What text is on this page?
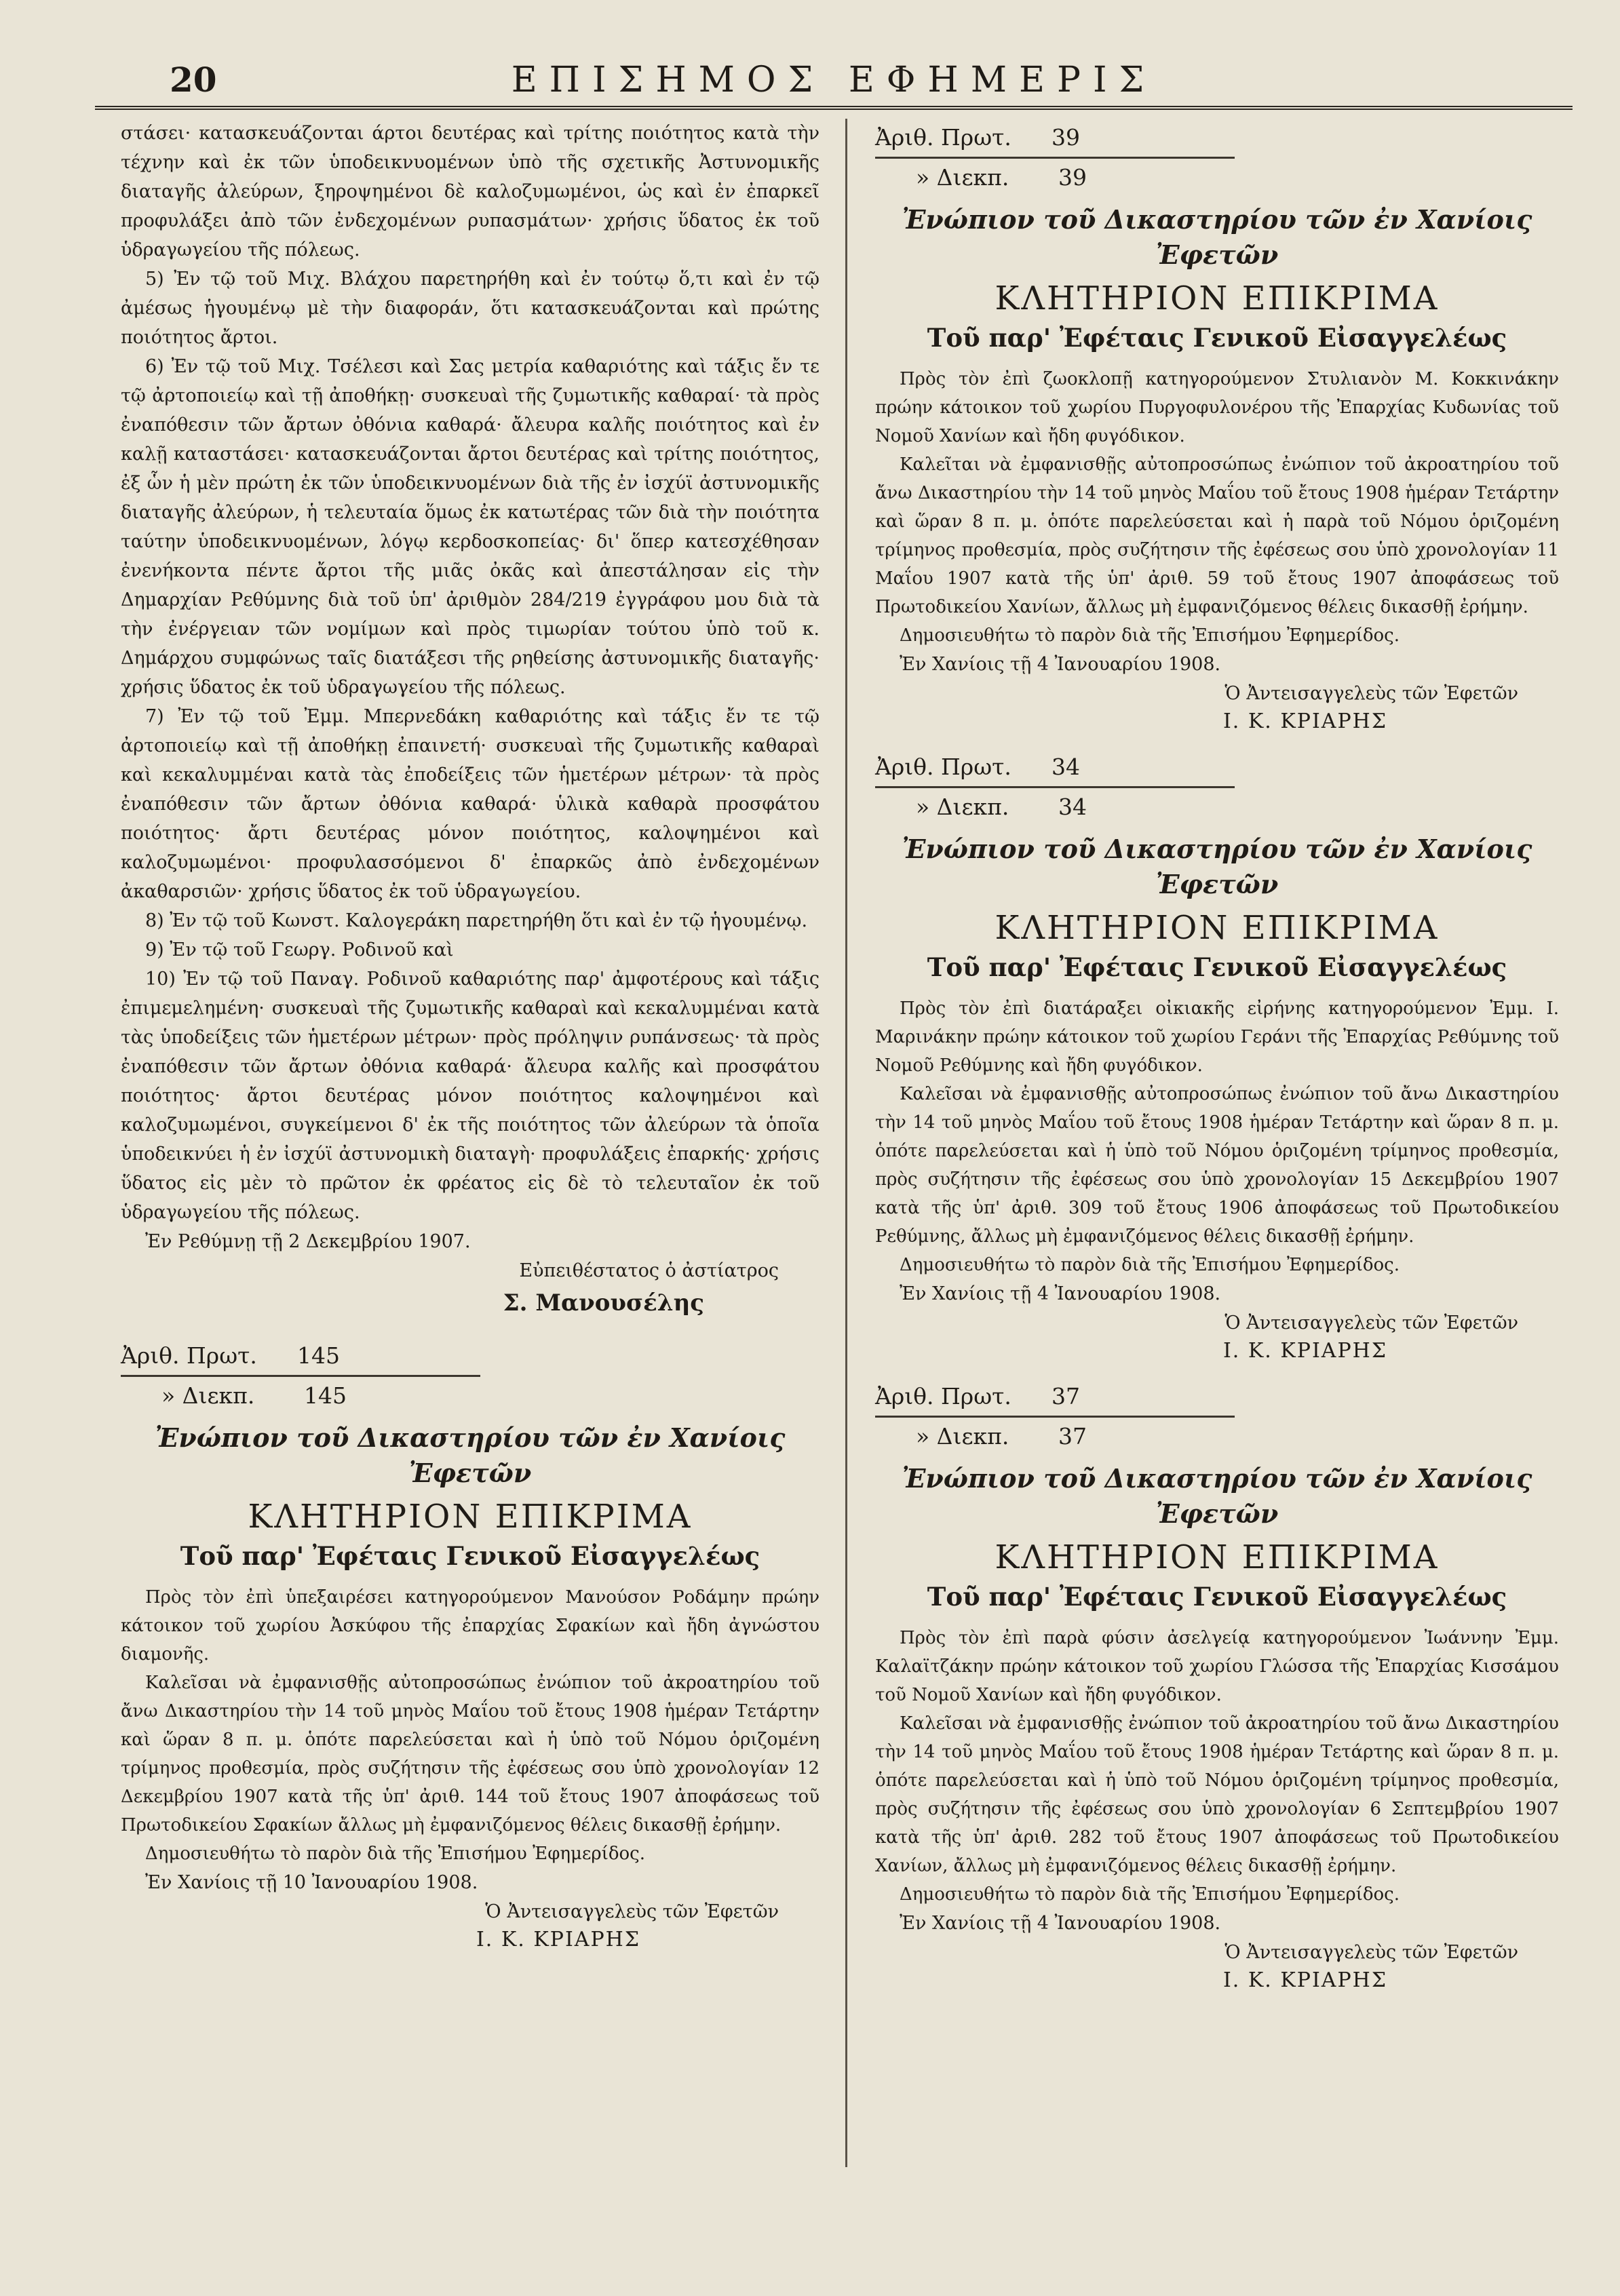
20	ΕΠΙΣΗΜΟΣ ΕΦΗΜΕΡΙΣ

στάσει· κατασκευάζονται άρτοι δευτέρας καὶ τρίτης ποιότητος κατὰ τὴν τέχνην καὶ ἐκ τῶν ὑποδεικνυομένων ὑπὸ τῆς σχετικῆς Ἀστυνομικῆς διαταγῆς ἀλεύρων, ξηροψημένοι δὲ καλοζυμωμένοι, ὡς καὶ ἐν ἐπαρκεῖ προφυλάξει ἀπὸ τῶν ἐνδεχομένων ρυπασμάτων· χρήσις ὕδατος ἐκ τοῦ ὑδραγωγείου τῆς πόλεως.

5) Ἐν τῷ τοῦ Μιχ. Βλάχου παρετηρήθη καὶ ἐν τούτῳ ὅ,τι καὶ ἐν τῷ ἀμέσως ἡγουμένῳ μὲ τὴν διαφοράν, ὅτι κατασκευάζονται καὶ πρώτης ποιότητος ἄρτοι.

6) Ἐν τῷ τοῦ Μιχ. Τσέλεσι καὶ Σας μετρία καθαριότης καὶ τάξις ἔν τε τῷ ἀρτοποιείῳ καὶ τῇ ἀποθήκῃ· συσκευαὶ τῆς ζυμωτικῆς καθαραί· τὰ πρὸς ἐναπόθεσιν τῶν ἄρτων ὀθόνια καθαρά· ἄλευρα καλῆς ποιότητος καὶ ἐν καλῇ καταστάσει· κατασκευάζονται ἄρτοι δευτέρας καὶ τρίτης ποιότητος, ἐξ ὧν ἡ μὲν πρώτη ἐκ τῶν ὑποδεικνυομένων διὰ τῆς ἐν ἰσχύϊ ἀστυνομικῆς διαταγῆς ἀλεύρων, ἡ τελευταία ὅμως ἐκ κατωτέρας τῶν διὰ τὴν ποιότητα ταύτην ὑποδεικνυομένων, λόγῳ κερδοσκοπείας· δι' ὅπερ κατεσχέθησαν ἐνενήκοντα πέντε ἄρτοι τῆς μιᾶς ὀκᾶς καὶ ἀπεστάλησαν εἰς τὴν Δημαρχίαν Ρεθύμνης διὰ τοῦ ὑπ' ἀριθμὸν 284/219 ἐγγράφου μου διὰ τὰ τὴν ἐνέργειαν τῶν νομίμων καὶ πρὸς τιμωρίαν τούτου ὑπὸ τοῦ κ. Δημάρχου συμφώνως ταῖς διατάξεσι τῆς ρηθείσης ἀστυνομικῆς διαταγῆς· χρήσις ὕδατος ἐκ τοῦ ὑδραγωγείου τῆς πόλεως.

7) Ἐν τῷ τοῦ Ἐμμ. Μπερνεδάκη καθαριότης καὶ τάξις ἔν τε τῷ ἀρτοποιείῳ καὶ τῇ ἀποθήκῃ ἐπαινετή· συσκευαὶ τῆς ζυμωτικῆς καθαραὶ καὶ κεκαλυμμέναι κατὰ τὰς ἐποδείξεις τῶν ἡμετέρων μέτρων· τὰ πρὸς ἐναπόθεσιν τῶν ἄρτων ὀθόνια καθαρά· ὑλικὰ καθαρὰ προσφάτου ποιότητος· ἄρτι δευτέρας μόνον ποιότητος, καλοψημένοι καὶ καλοζυμωμένοι· προφυλασσόμενοι δ' ἐπαρκῶς ἀπὸ ἐνδεχομένων ἀκαθαρσιῶν· χρήσις ὕδατος ἐκ τοῦ ὑδραγωγείου.

8) Ἐν τῷ τοῦ Κωνστ. Καλογεράκη παρετηρήθη ὅτι καὶ ἐν τῷ ἡγουμένῳ.

9) Ἐν τῷ τοῦ Γεωργ. Ροδινοῦ καὶ

10) Ἐν τῷ τοῦ Παναγ. Ροδινοῦ καθαριότης παρ' ἀμφοτέρους καὶ τάξις ἐπιμεμελημένη· συσκευαὶ τῆς ζυμωτικῆς καθαραὶ καὶ κεκαλυμμέναι κατὰ τὰς ὑποδείξεις τῶν ἡμετέρων μέτρων· πρὸς πρόληψιν ρυπάνσεως· τὰ πρὸς ἐναπόθεσιν τῶν ἄρτων ὀθόνια καθαρά· ἄλευρα καλῆς καὶ προσφάτου ποιότητος· ἄρτοι δευτέρας μόνον ποιότητος καλοψημένοι καὶ καλοζυμωμένοι, συγκείμενοι δ' ἐκ τῆς ποιότητος τῶν ἀλεύρων τὰ ὁποῖα ὑποδεικνύει ἡ ἐν ἰσχύϊ ἀστυνομικὴ διαταγὴ· προφυλάξεις ἐπαρκής· χρήσις ὕδατος εἰς μὲν τὸ πρῶτον ἐκ φρέατος εἰς δὲ τὸ τελευταῖον ἐκ τοῦ ὑδραγωγείου τῆς πόλεως.

Ἐν Ρεθύμνῃ τῇ 2 Δεκεμβρίου 1907.

Εὐπειθέστατος ὁ ἀστίατρος

Σ. Μανουσέλης

Ἀριθ. Πρωτ. 145
» Διεκπ. 145
Ἐνώπιον τοῦ Δικαστηρίου τῶν ἐν Χανίοις
Ἐφετῶν
ΚΛΗΤΗΡΙΟΝ ΕΠΙΚΡΙΜΑ
Τοῦ παρ' Ἐφέταις Γενικοῦ Εἰσαγγελέως

Πρὸς τὸν ἐπὶ ὑπεξαιρέσει κατηγορούμενον Μανούσον Ροδάμην πρώην κάτοικον τοῦ χωρίου Ἀσκύφου τῆς ἐπαρχίας Σφακίων καὶ ἤδη ἀγνώστου διαμονῆς.

Καλεῖσαι νὰ ἐμφανισθῇς αὐτοπροσώπως ἐνώπιον τοῦ ἀκροατηρίου τοῦ ἄνω Δικαστηρίου τὴν 14 τοῦ μηνὸς Μαΐου τοῦ ἔτους 1908 ἡμέραν Τετάρτην καὶ ὥραν 8 π. μ. ὁπότε παρελεύσεται καὶ ἡ ὑπὸ τοῦ Νόμου ὁριζομένη τρίμηνος προθεσμία, πρὸς συζήτησιν τῆς ἐφέσεως σου ὑπὸ χρονολογίαν 12 Δεκεμβρίου 1907 κατὰ τῆς ὑπ' ἀριθ. 144 τοῦ ἔτους 1907 ἀποφάσεως τοῦ Πρωτοδικείου Σφακίων ἄλλως μὴ ἐμφανιζόμενος θέλεις δικασθῇ ἐρήμην.

Δημοσιευθήτω τὸ παρὸν διὰ τῆς Ἐπισήμου Ἐφημερίδος.

Ἐν Χανίοις τῇ 10 Ἰανουαρίου 1908.

Ὁ Ἀντεισαγγελεὺς τῶν Ἐφετῶν

Ι. Κ. ΚΡΙΑΡΗΣ

Ἀριθ. Πρωτ. 39
» Διεκπ. 39
Ἐνώπιον τοῦ Δικαστηρίου τῶν ἐν Χανίοις
Ἐφετῶν
ΚΛΗΤΗΡΙΟΝ ΕΠΙΚΡΙΜΑ
Τοῦ παρ' Ἐφέταις Γενικοῦ Εἰσαγγελέως

Πρὸς τὸν ἐπὶ ζωοκλοπῇ κατηγορούμενον Στυλιανὸν Μ. Κοκκινάκην πρώην κάτοικον τοῦ χωρίου Πυργοφυλονέρου τῆς Ἐπαρχίας Κυδωνίας τοῦ Νομοῦ Χανίων καὶ ἤδη φυγόδικον.

Καλεῖται νὰ ἐμφανισθῇς αὐτοπροσώπως ἐνώπιον τοῦ ἀκροατηρίου τοῦ ἄνω Δικαστηρίου τὴν 14 τοῦ μηνὸς Μαΐου τοῦ ἔτους 1908 ἡμέραν Τετάρτην καὶ ὥραν 8 π. μ. ὁπότε παρελεύσεται καὶ ἡ παρὰ τοῦ Νόμου ὁριζομένη τρίμηνος προθεσμία, πρὸς συζήτησιν τῆς ἐφέσεως σου ὑπὸ χρονολογίαν 11 Μαΐου 1907 κατὰ τῆς ὑπ' ἀριθ. 59 τοῦ ἔτους 1907 ἀποφάσεως τοῦ Πρωτοδικείου Χανίων, ἄλλως μὴ ἐμφανιζόμενος θέλεις δικασθῇ ἐρήμην.

Δημοσιευθήτω τὸ παρὸν διὰ τῆς Ἐπισήμου Ἐφημερίδος.

Ἐν Χανίοις τῇ 4 Ἰανουαρίου 1908.

Ὁ Ἀντεισαγγελεὺς τῶν Ἐφετῶν

Ι. Κ. ΚΡΙΑΡΗΣ

Ἀριθ. Πρωτ. 34
» Διεκπ. 34
Ἐνώπιον τοῦ Δικαστηρίου τῶν ἐν Χανίοις
Ἐφετῶν
ΚΛΗΤΗΡΙΟΝ ΕΠΙΚΡΙΜΑ
Τοῦ παρ' Ἐφέταις Γενικοῦ Εἰσαγγελέως

Πρὸς τὸν ἐπὶ διατάραξει οἰκιακῆς εἰρήνης κατηγορούμενον Ἐμμ. Ι. Μαρινάκην πρώην κάτοικον τοῦ χωρίου Γεράνι τῆς Ἐπαρχίας Ρεθύμνης τοῦ Νομοῦ Ρεθύμνης καὶ ἤδη φυγόδικον.

Καλεῖσαι νὰ ἐμφανισθῇς αὐτοπροσώπως ἐνώπιον τοῦ ἄνω Δικαστηρίου τὴν 14 τοῦ μηνὸς Μαΐου τοῦ ἔτους 1908 ἡμέραν Τετάρτην καὶ ὥραν 8 π. μ. ὁπότε παρελεύσεται καὶ ἡ ὑπὸ τοῦ Νόμου ὁριζομένη τρίμηνος προθεσμία, πρὸς συζήτησιν τῆς ἐφέσεως σου ὑπὸ χρονολογίαν 15 Δεκεμβρίου 1907 κατὰ τῆς ὑπ' ἀριθ. 309 τοῦ ἔτους 1906 ἀποφάσεως τοῦ Πρωτοδικείου Ρεθύμνης, ἄλλως μὴ ἐμφανιζόμενος θέλεις δικασθῇ ἐρήμην.

Δημοσιευθήτω τὸ παρὸν διὰ τῆς Ἐπισήμου Ἐφημερίδος.

Ἐν Χανίοις τῇ 4 Ἰανουαρίου 1908.

Ὁ Ἀντεισαγγελεὺς τῶν Ἐφετῶν

Ι. Κ. ΚΡΙΑΡΗΣ

Ἀριθ. Πρωτ. 37
» Διεκπ. 37
Ἐνώπιον τοῦ Δικαστηρίου τῶν ἐν Χανίοις
Ἐφετῶν
ΚΛΗΤΗΡΙΟΝ ΕΠΙΚΡΙΜΑ
Τοῦ παρ' Ἐφέταις Γενικοῦ Εἰσαγγελέως

Πρὸς τὸν ἐπὶ παρὰ φύσιν ἀσελγείᾳ κατηγορούμενον Ἰωάννην Ἐμμ. Καλαϊτζάκην πρώην κάτοικον τοῦ χωρίου Γλώσσα τῆς Ἐπαρχίας Κισσάμου τοῦ Νομοῦ Χανίων καὶ ἤδη φυγόδικον.

Καλεῖσαι νὰ ἐμφανισθῇς ἐνώπιον τοῦ ἀκροατηρίου τοῦ ἄνω Δικαστηρίου τὴν 14 τοῦ μηνὸς Μαΐου τοῦ ἔτους 1908 ἡμέραν Τετάρτης καὶ ὥραν 8 π. μ. ὁπότε παρελεύσεται καὶ ἡ ὑπὸ τοῦ Νόμου ὁριζομένη τρίμηνος προθεσμία, πρὸς συζήτησιν τῆς ἐφέσεως σου ὑπὸ χρονολογίαν 6 Σεπτεμβρίου 1907 κατὰ τῆς ὑπ' ἀριθ. 282 τοῦ ἔτους 1907 ἀποφάσεως τοῦ Πρωτοδικείου Χανίων, ἄλλως μὴ ἐμφανιζόμενος θέλεις δικασθῇ ἐρήμην.

Δημοσιευθήτω τὸ παρὸν διὰ τῆς Ἐπισήμου Ἐφημερίδος.

Ἐν Χανίοις τῇ 4 Ἰανουαρίου 1908.

Ὁ Ἀντεισαγγελεὺς τῶν Ἐφετῶν

Ι. Κ. ΚΡΙΑΡΗΣ
